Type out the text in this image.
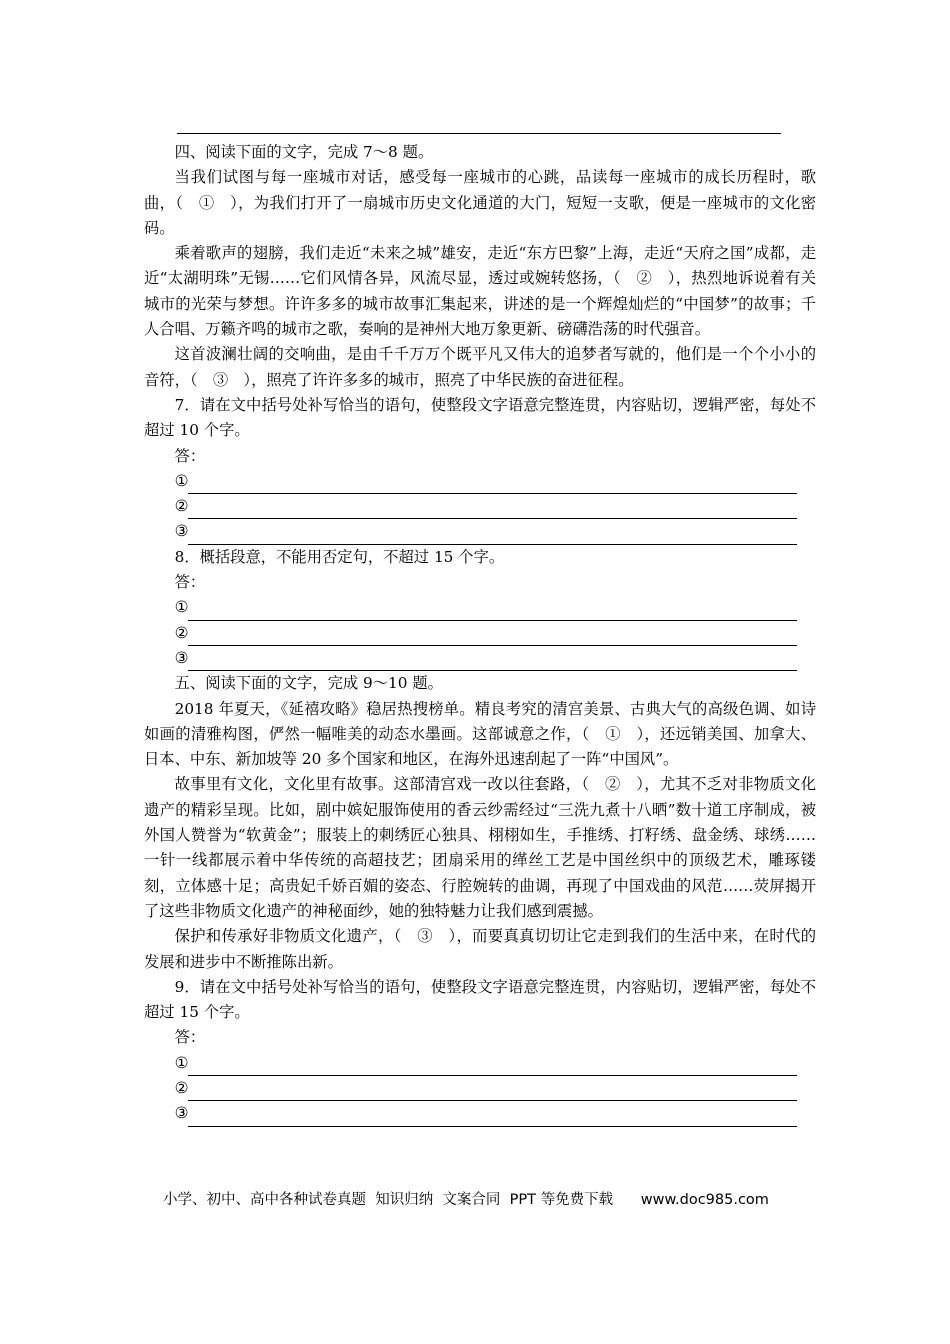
四、阅读下面的文字，完成 7～8 题。

当我们试图与每一座城市对话，感受每一座城市的心跳，品读每一座城市的成长历程时，歌曲，（　①　），为我们打开了一扇城市历史文化通道的大门，短短一支歌，便是一座城市的文化密码。

乘着歌声的翅膀，我们走近“未来之城”雄安，走近“东方巴黎”上海，走近“天府之国”成都，走近“太湖明珠”无锡……它们风情各异，风流尽显，透过或婉转悠扬，（　②　），热烈地诉说着有关城市的光荣与梦想。许许多多的城市故事汇集起来，讲述的是一个辉煌灿烂的“中国梦”的故事；千人合唱、万籁齐鸣的城市之歌，奏响的是神州大地万象更新、磅礴浩荡的时代强音。

这首波澜壮阔的交响曲，是由千千万万个既平凡又伟大的追梦者写就的，他们是一个个小小的音符，（　③　），照亮了许许多多的城市，照亮了中华民族的奋进征程。

7．请在文中括号处补写恰当的语句，使整段文字语意完整连贯，内容贴切，逻辑严密，每处不超过 10 个字。

答：

①
②
③

8．概括段意，不能用否定句，不超过 15 个字。

答：

①
②
③

五、阅读下面的文字，完成 9～10 题。

2018 年夏天，《延禧攻略》稳居热搜榜单。精良考究的清宫美景、古典大气的高级色调、如诗如画的清雅构图，俨然一幅唯美的动态水墨画。这部诚意之作，（　①　），还远销美国、加拿大、日本、中东、新加坡等 20 多个国家和地区，在海外迅速刮起了一阵“中国风”。

故事里有文化，文化里有故事。这部清宫戏一改以往套路，（　②　），尤其不乏对非物质文化遗产的精彩呈现。比如，剧中嫔妃服饰使用的香云纱需经过“三洗九煮十八晒”数十道工序制成，被外国人赞誉为“软黄金”；服装上的刺绣匠心独具、栩栩如生，手推绣、打籽绣、盘金绣、球绣……一针一线都展示着中华传统的高超技艺；团扇采用的缂丝工艺是中国丝织中的顶级艺术，雕琢镂刻，立体感十足；高贵妃千娇百媚的姿态、行腔婉转的曲调，再现了中国戏曲的风范……荧屏揭开了这些非物质文化遗产的神秘面纱，她的独特魅力让我们感到震撼。

保护和传承好非物质文化遗产，（　③　），而要真真切切让它走到我们的生活中来，在时代的发展和进步中不断推陈出新。

9．请在文中括号处补写恰当的语句，使整段文字语意完整连贯，内容贴切，逻辑严密，每处不超过 15 个字。

答：

①
②
③
小学、初中、高中各种试卷真题  知识归纳  文案合同  PPT 等免费下载      www.doc985.com
